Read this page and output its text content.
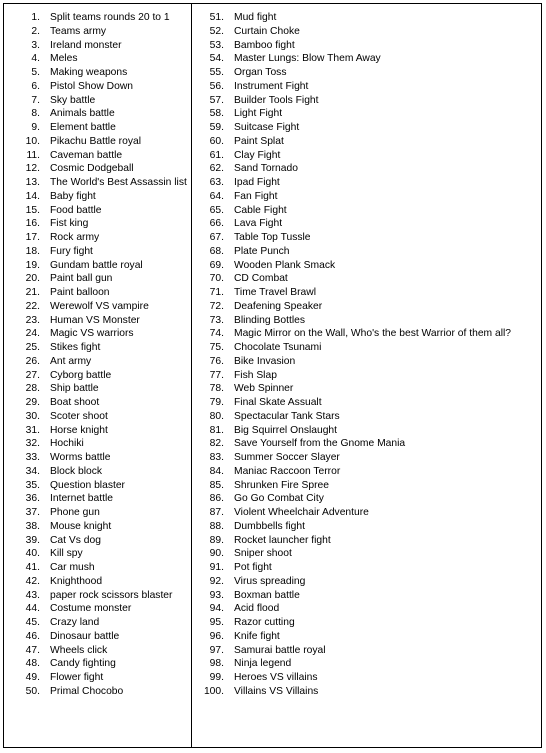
1. Split teams rounds 20 to 1
2. Teams army
3. Ireland monster
4. Meles
5. Making weapons
6. Pistol Show Down
7. Sky battle
8. Animals battle
9. Element battle
10. Pikachu Battle royal
11. Caveman battle
12. Cosmic Dodgeball
13. The World's Best Assassin list
14. Baby fight
15. Food battle
16. Fist king
17. Rock army
18. Fury fight
19. Gundam battle royal
20. Paint ball gun
21. Paint balloon
22. Werewolf VS vampire
23. Human VS Monster
24. Magic VS warriors
25. Stikes fight
26. Ant army
27. Cyborg battle
28. Ship battle
29. Boat shoot
30. Scoter shoot
31. Horse knight
32. Hochiki
33. Worms battle
34. Block block
35. Question blaster
36. Internet battle
37. Phone gun
38. Mouse knight
39. Cat Vs dog
40. Kill spy
41. Car mush
42. Knighthood
43. paper rock scissors blaster
44. Costume monster
45. Crazy land
46. Dinosaur battle
47. Wheels click
48. Candy fighting
49. Flower fight
50. Primal Chocobo
51. Mud fight
52. Curtain Choke
53. Bamboo fight
54. Master Lungs: Blow Them Away
55. Organ Toss
56. Instrument Fight
57. Builder Tools Fight
58. Light Fight
59. Suitcase Fight
60. Paint Splat
61. Clay Fight
62. Sand Tornado
63. Ipad Fight
64. Fan Fight
65. Cable Fight
66. Lava Fight
67. Table Top Tussle
68. Plate Punch
69. Wooden Plank Smack
70. CD Combat
71. Time Travel Brawl
72. Deafening Speaker
73. Blinding Bottles
74. Magic Mirror on the Wall, Who's the best Warrior of them all?
75. Chocolate Tsunami
76. Bike Invasion
77. Fish Slap
78. Web Spinner
79. Final Skate Assualt
80. Spectacular Tank Stars
81. Big Squirrel Onslaught
82. Save Yourself from the Gnome Mania
83. Summer Soccer Slayer
84. Maniac Raccoon Terror
85. Shrunken Fire Spree
86. Go Go Combat City
87. Violent Wheelchair Adventure
88. Dumbbells fight
89. Rocket launcher fight
90. Sniper shoot
91. Pot fight
92. Virus spreading
93. Boxman battle
94. Acid flood
95. Razor cutting
96. Knife fight
97. Samurai battle royal
98. Ninja legend
99. Heroes VS villains
100. Villains VS Villains
